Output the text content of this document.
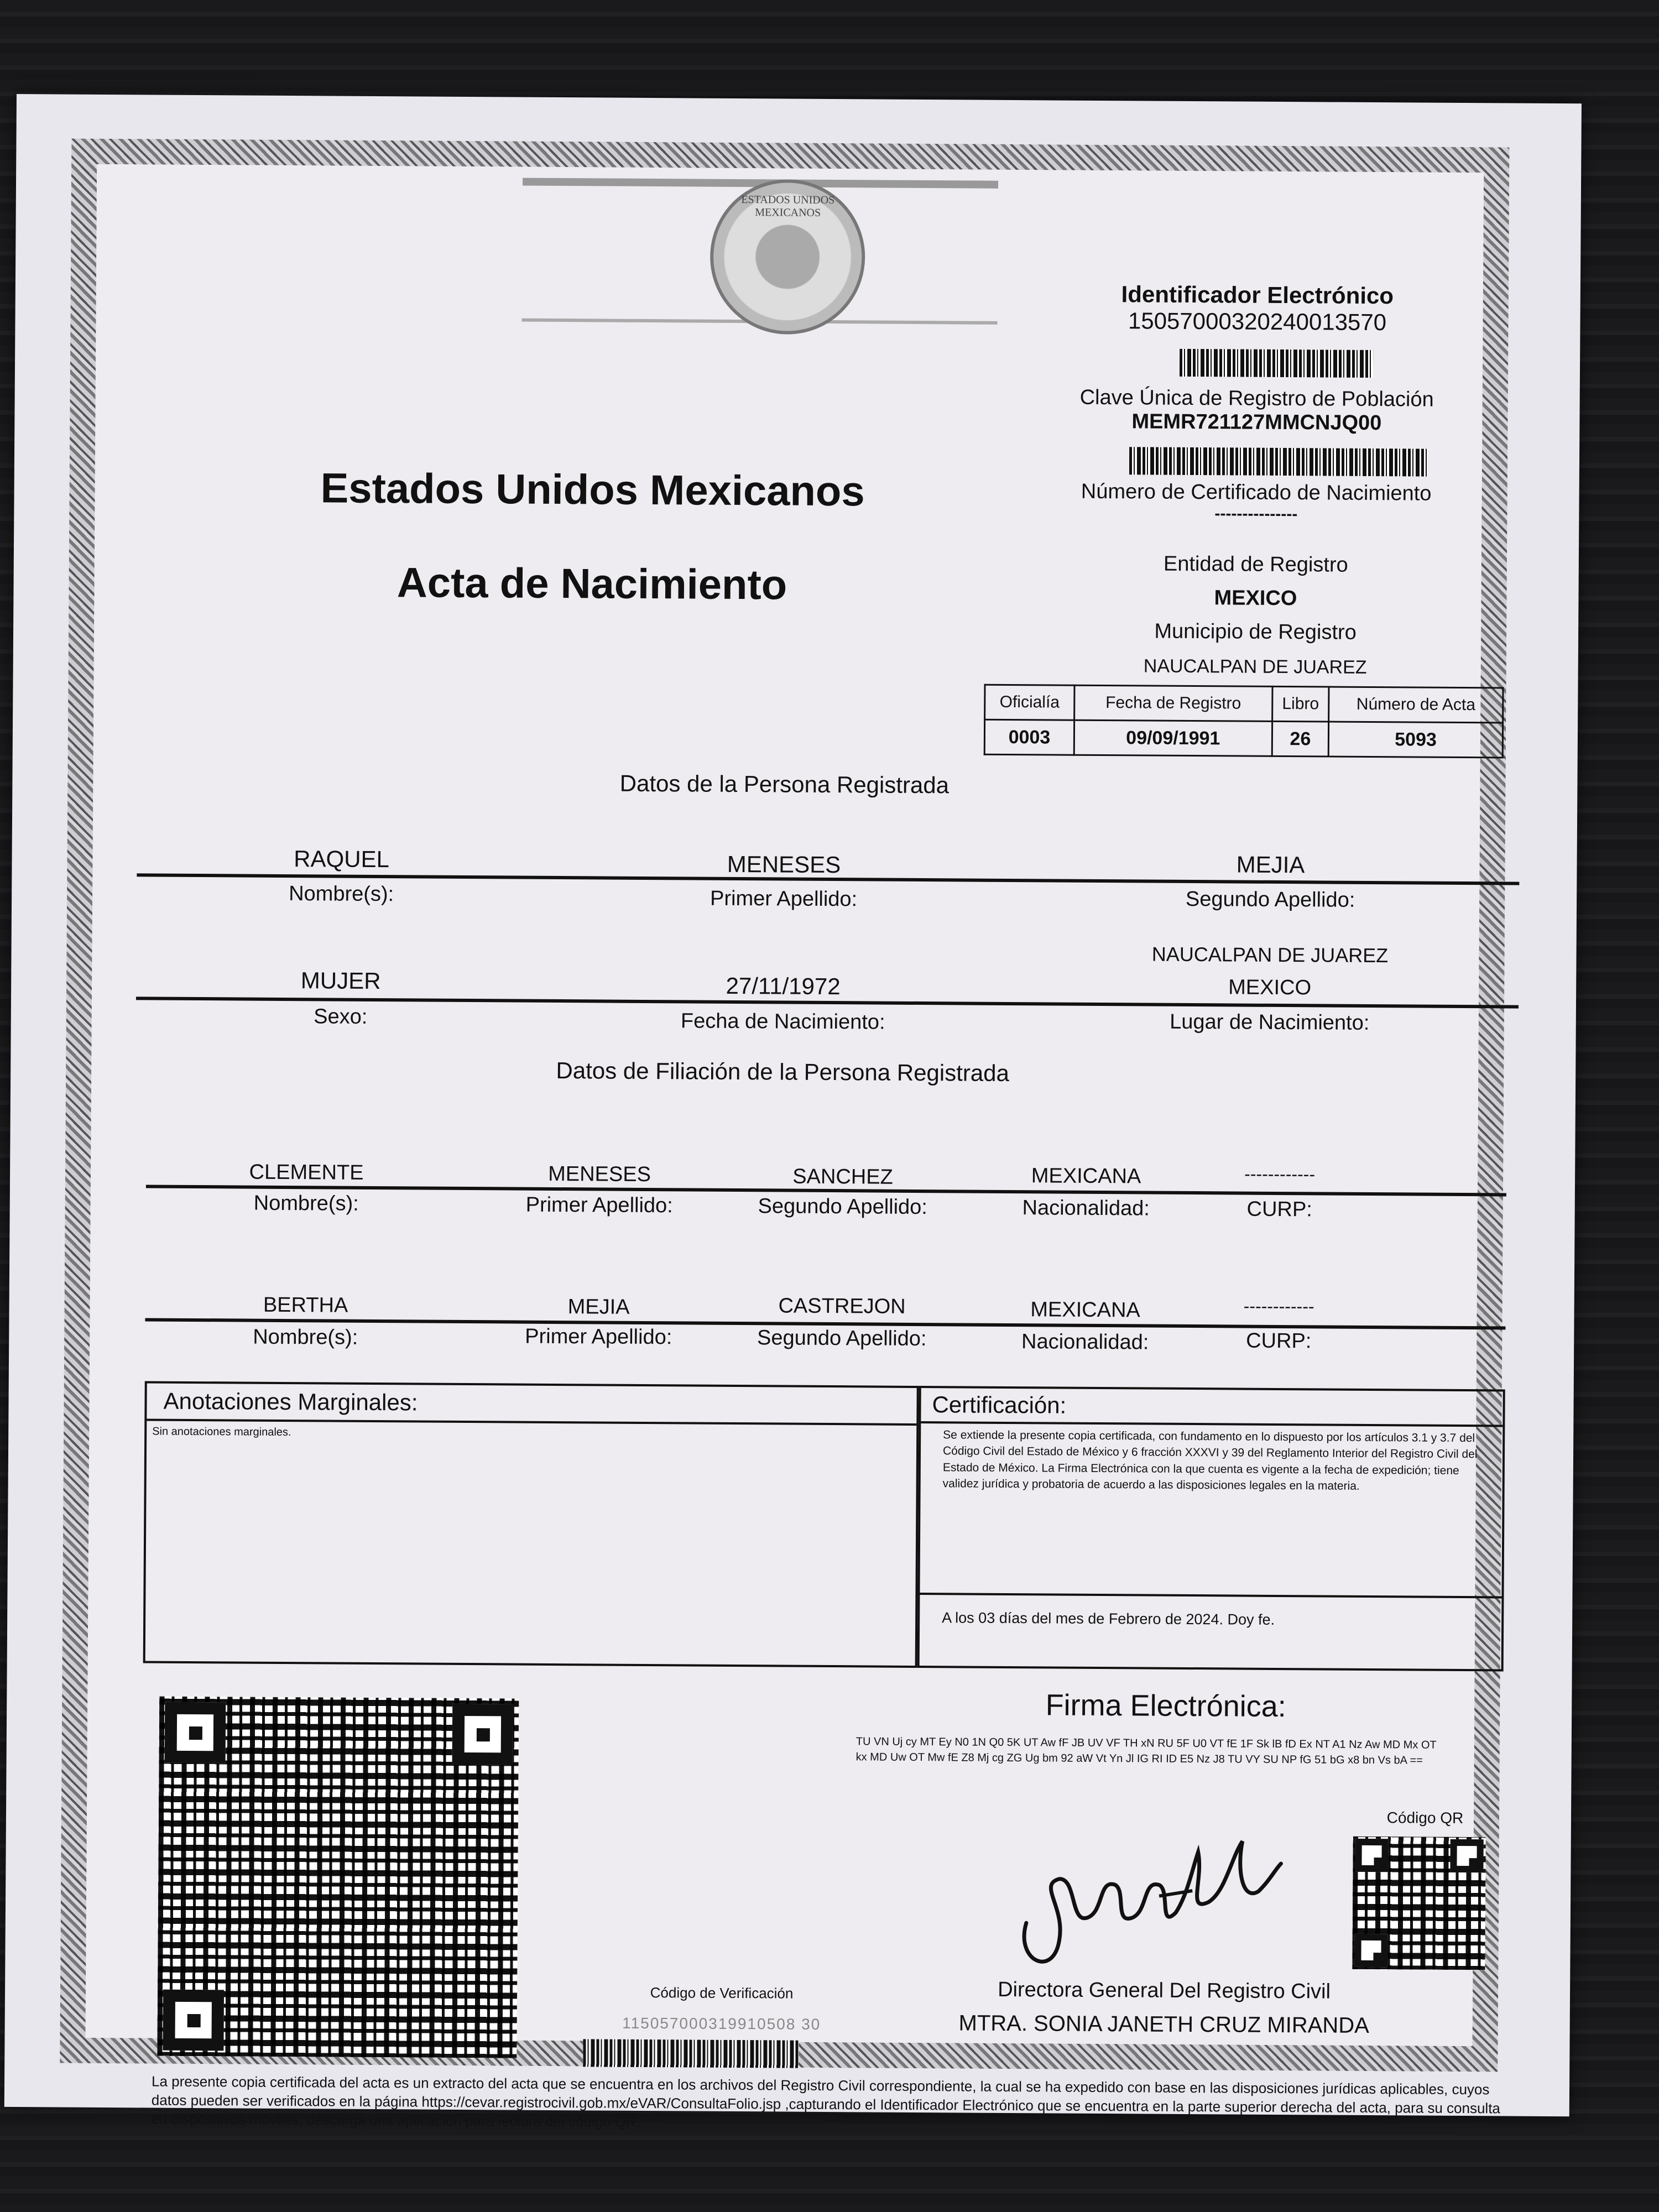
ESTADOS UNIDOS MEXICANOS
Identificador Electrónico
15057000320240013570
Clave Única de Registro de Población
MEMR721127MMCNJQ00
Número de Certificado de Nacimiento
---------------
Entidad de Registro
MEXICO
Municipio de Registro
NAUCALPAN DE JUAREZ
Estados Unidos Mexicanos
Acta de Nacimiento
Oficialía	Fecha de Registro	Libro	Número de Acta
0003	09/09/1991	26	5093
Datos de la Persona Registrada
RAQUEL	MENESES	MEJIA
Nombre(s):	Primer Apellido:	Segundo Apellido:
NAUCALPAN DE JUAREZ
MUJER	27/11/1972	MEXICO
Sexo:	Fecha de Nacimiento:	Lugar de Nacimiento:
Datos de Filiación de la Persona Registrada
CLEMENTE	MENESES	SANCHEZ	MEXICANA	------------
Nombre(s):	Primer Apellido:	Segundo Apellido:	Nacionalidad:	CURP:
BERTHA	MEJIA	CASTREJON	MEXICANA	------------
Nombre(s):	Primer Apellido:	Segundo Apellido:	Nacionalidad:	CURP:
Anotaciones Marginales:
Sin anotaciones marginales.
Certificación:
Se extiende la presente copia certificada, con fundamento en lo dispuesto por los artículos 3.1 y 3.7 del Código Civil del Estado de México y 6 fracción XXXVI y 39 del Reglamento Interior del Registro Civil del Estado de México. La Firma Electrónica con la que cuenta es vigente a la fecha de expedición; tiene validez jurídica y probatoria de acuerdo a las disposiciones legales en la materia.
A los 03 días del mes de Febrero de 2024. Doy fe.
Código de Verificación
115057000319910508 30
Firma Electrónica:
TU VN Uj cy MT Ey N0 1N Q0 5K UT Aw fF JB UV VF TH xN RU 5F U0 VT fE 1F Sk lB fD Ex NT A1 Nz Aw MD Mx OT kx MD Uw OT Mw fE Z8 Mj cg ZG Ug bm 92 aW Vt Yn Jl IG RI ID E5 Nz J8 TU VY SU NP fG 51 bG x8 bn Vs bA ==
Código QR
Directora General Del Registro Civil
MTRA. SONIA JANETH CRUZ MIRANDA
La presente copia certificada del acta es un extracto del acta que se encuentra en los archivos del Registro Civil correspondiente, la cual se ha expedido con base en las disposiciones jurídicas aplicables, cuyos datos pueden ser verificados en la página https://cevar.registrocivil.gob.mx/eVAR/ConsultaFolio.jsp ,capturando el Identificador Electrónico que se encuentra en la parte superior derecha del acta, para su consulta en dispositivos móviles, descarga una aplicación para lectura del código QR.
